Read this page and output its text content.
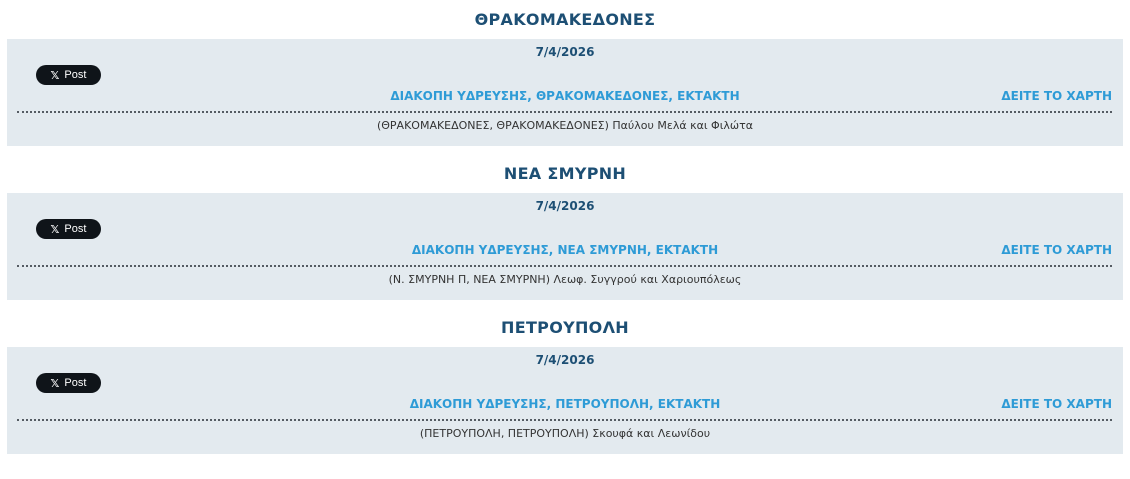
ΘΡΑΚΟΜΑΚΕΔΟΝΕΣ
7/4/2026
𝕏 Post
ΔΙΑΚΟΠΗ ΥΔΡΕΥΣΗΣ, ΘΡΑΚΟΜΑΚΕΔΟΝΕΣ, ΕΚΤΑΚΤΗ	ΔΕΙΤΕ ΤΟ ΧΑΡΤΗ
(ΘΡΑΚΟΜΑΚΕΔΟΝΕΣ, ΘΡΑΚΟΜΑΚΕΔΟΝΕΣ) Παύλου Μελά και Φιλώτα
ΝΕΑ ΣΜΥΡΝΗ
7/4/2026
𝕏 Post
ΔΙΑΚΟΠΗ ΥΔΡΕΥΣΗΣ, ΝΕΑ ΣΜΥΡΝΗ, ΕΚΤΑΚΤΗ	ΔΕΙΤΕ ΤΟ ΧΑΡΤΗ
(Ν. ΣΜΥΡΝΗ Π, ΝΕΑ ΣΜΥΡΝΗ) Λεωφ. Συγγρού και Χαριουπόλεως
ΠΕΤΡΟΥΠΟΛΗ
7/4/2026
𝕏 Post
ΔΙΑΚΟΠΗ ΥΔΡΕΥΣΗΣ, ΠΕΤΡΟΥΠΟΛΗ, ΕΚΤΑΚΤΗ	ΔΕΙΤΕ ΤΟ ΧΑΡΤΗ
(ΠΕΤΡΟΥΠΟΛΗ, ΠΕΤΡΟΥΠΟΛΗ) Σκουφά και Λεωνίδου
